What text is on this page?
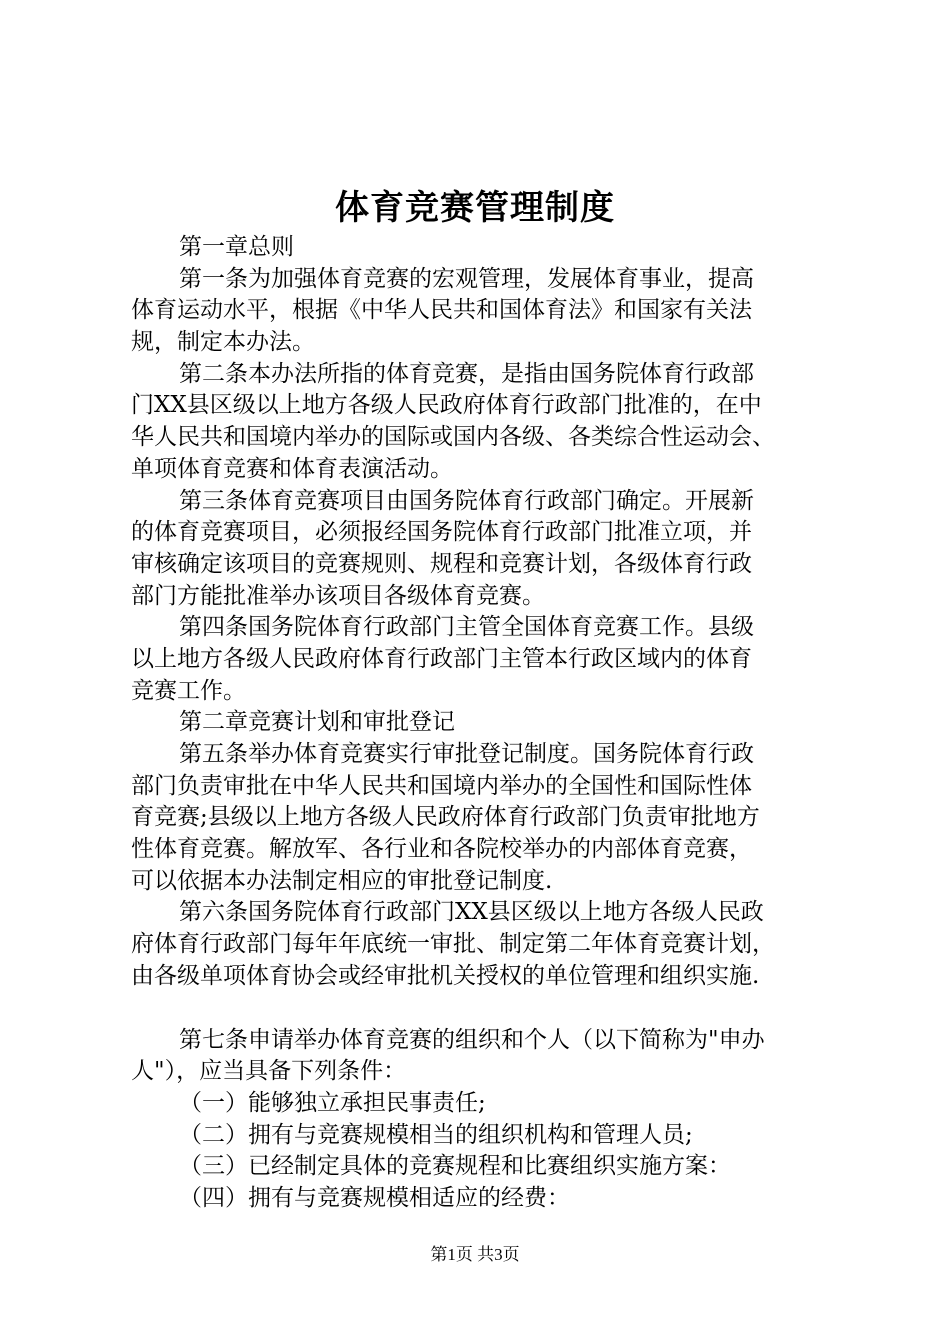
体育竞赛管理制度
第一章总则
第一条为加强体育竞赛的宏观管理，发展体育事业，提高
体育运动水平，根据《中华人民共和国体育法》和国家有关法
规，制定本办法。
第二条本办法所指的体育竞赛，是指由国务院体育行政部
门XX县区级以上地方各级人民政府体育行政部门批准的，在中
华人民共和国境内举办的国际或国内各级、各类综合性运动会、
单项体育竞赛和体育表演活动。
第三条体育竞赛项目由国务院体育行政部门确定。开展新
的体育竞赛项目，必须报经国务院体育行政部门批准立项，并
审核确定该项目的竞赛规则、规程和竞赛计划，各级体育行政
部门方能批准举办该项目各级体育竞赛。
第四条国务院体育行政部门主管全国体育竞赛工作。县级
以上地方各级人民政府体育行政部门主管本行政区域内的体育
竞赛工作。
第二章竞赛计划和审批登记
第五条举办体育竞赛实行审批登记制度。国务院体育行政
部门负责审批在中华人民共和国境内举办的全国性和国际性体
育竞赛;县级以上地方各级人民政府体育行政部门负责审批地方
性体育竞赛。解放军、各行业和各院校举办的内部体育竞赛，
可以依据本办法制定相应的审批登记制度.
第六条国务院体育行政部门XX县区级以上地方各级人民政
府体育行政部门每年年底统一审批、制定第二年体育竞赛计划，
由各级单项体育协会或经审批机关授权的单位管理和组织实施.
第七条申请举办体育竞赛的组织和个人（以下简称为"申办
人"），应当具备下列条件：
（一）能够独立承担民事责任;
（二）拥有与竞赛规模相当的组织机构和管理人员;
（三）已经制定具体的竞赛规程和比赛组织实施方案：
（四）拥有与竞赛规模相适应的经费：
第1页 共3页
